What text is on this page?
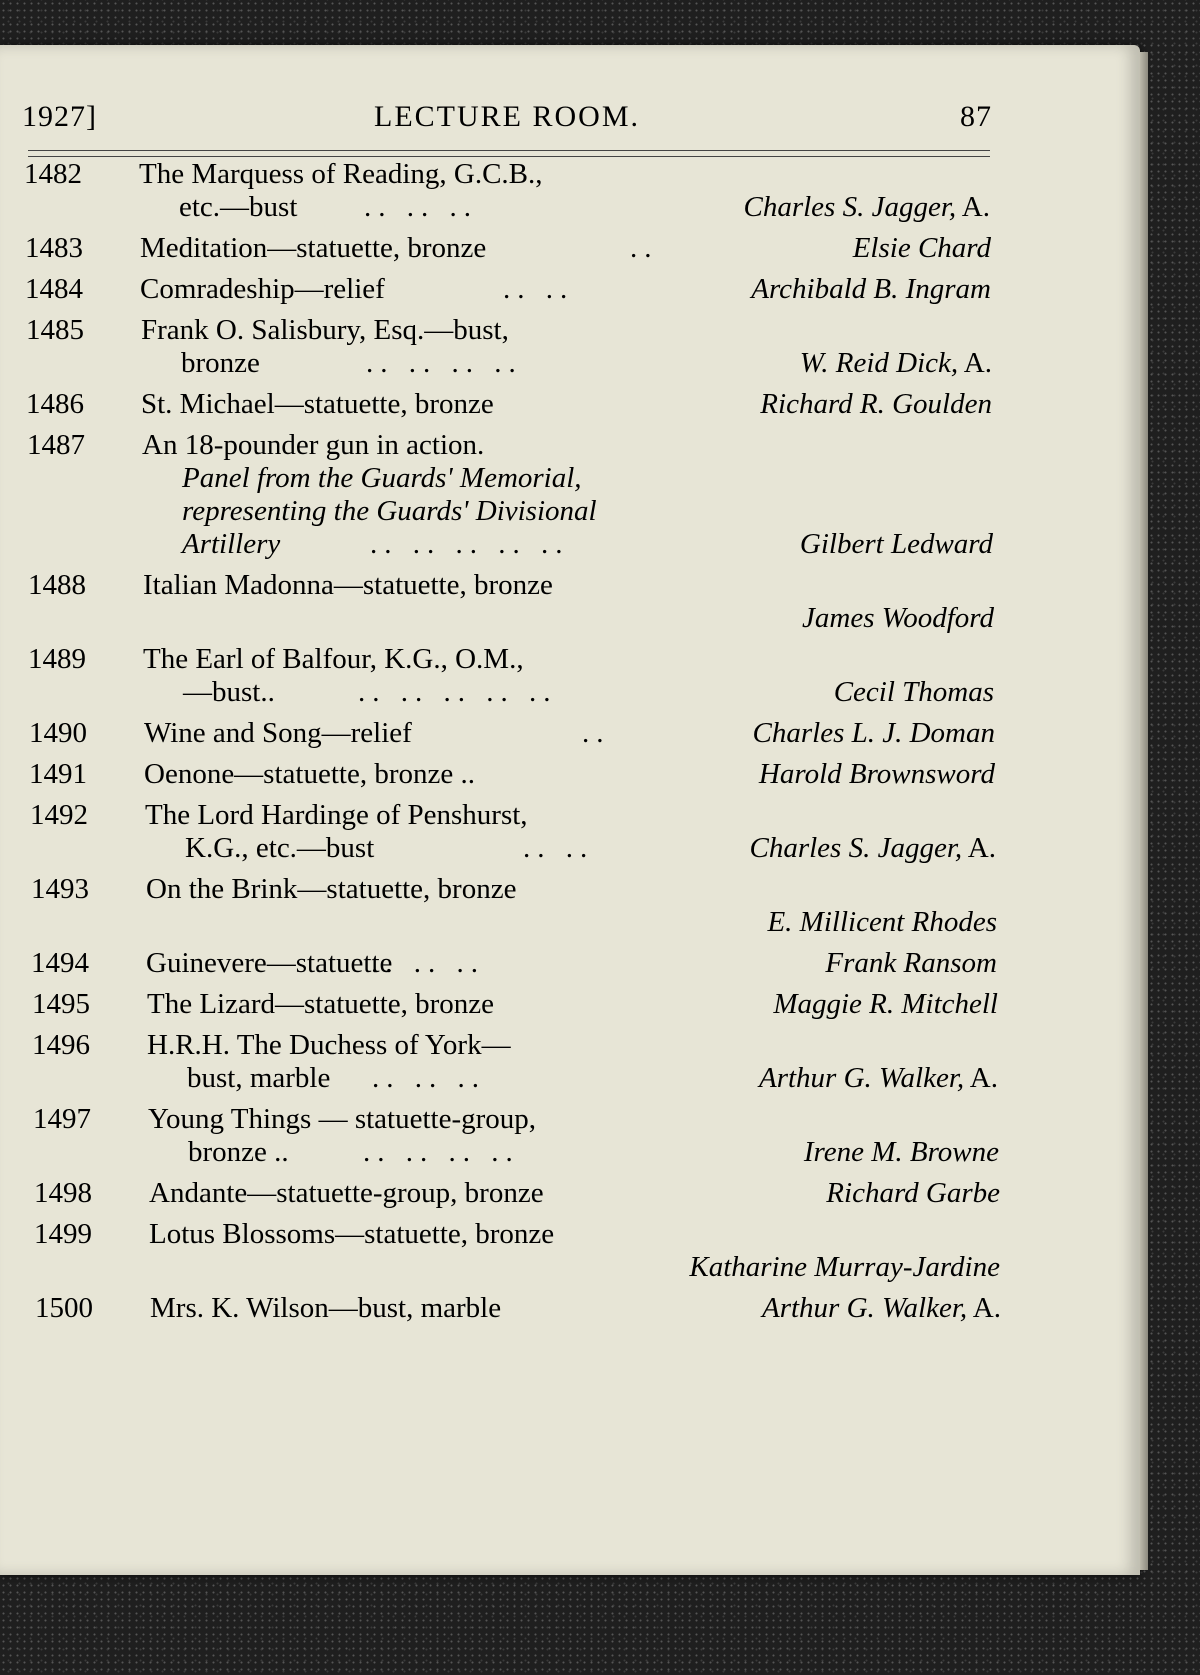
1927]	LECTURE ROOM.	87
1482 The Marquess of Reading, G.C.B.,
etc.—bust .. .. ..	Charles S. Jagger, A.
1483 Meditation—statuette, bronze	..	Elsie Chard
1484 Comradeship—relief	.. ..	Archibald B. Ingram
1485 Frank O. Salisbury, Esq.—bust,
bronze	.. .. .. ..	W. Reid Dick, A.
1486 St. Michael—statuette, bronze	Richard R. Goulden
1487 An 18-pounder gun in action.
Panel from the Guards' Memorial,
representing the Guards' Divisional
Artillery	.. .. .. .. ..	Gilbert Ledward
1488 Italian Madonna—statuette, bronze
James Woodford
1489 The Earl of Balfour, K.G., O.M.,
—bust..	.. .. .. .. ..	Cecil Thomas
1490 Wine and Song—relief	..	Charles L. J. Doman
1491 Oenone—statuette, bronze ..	Harold Brownsword
1492 The Lord Hardinge of Penshurst,
K.G., etc.—bust	.. ..	Charles S. Jagger, A.
1493 On the Brink—statuette, bronze
E. Millicent Rhodes
1494 Guinevere—statuette
.. .. ..	Frank Ransom
1495 The Lizard—statuette, bronze	Maggie R. Mitchell
1496 H.R.H. The Duchess of York—
bust, marble .. .. ..	Arthur G. Walker, A.
1497 Young Things — statuette-group,
bronze ..	.. .. .. ..	Irene M. Browne
1498 Andante—statuette-group, bronze	Richard Garbe
1499 Lotus Blossoms—statuette, bronze
Katharine Murray-Jardine
1500 Mrs. K. Wilson—bust, marble	Arthur G. Walker, A.
